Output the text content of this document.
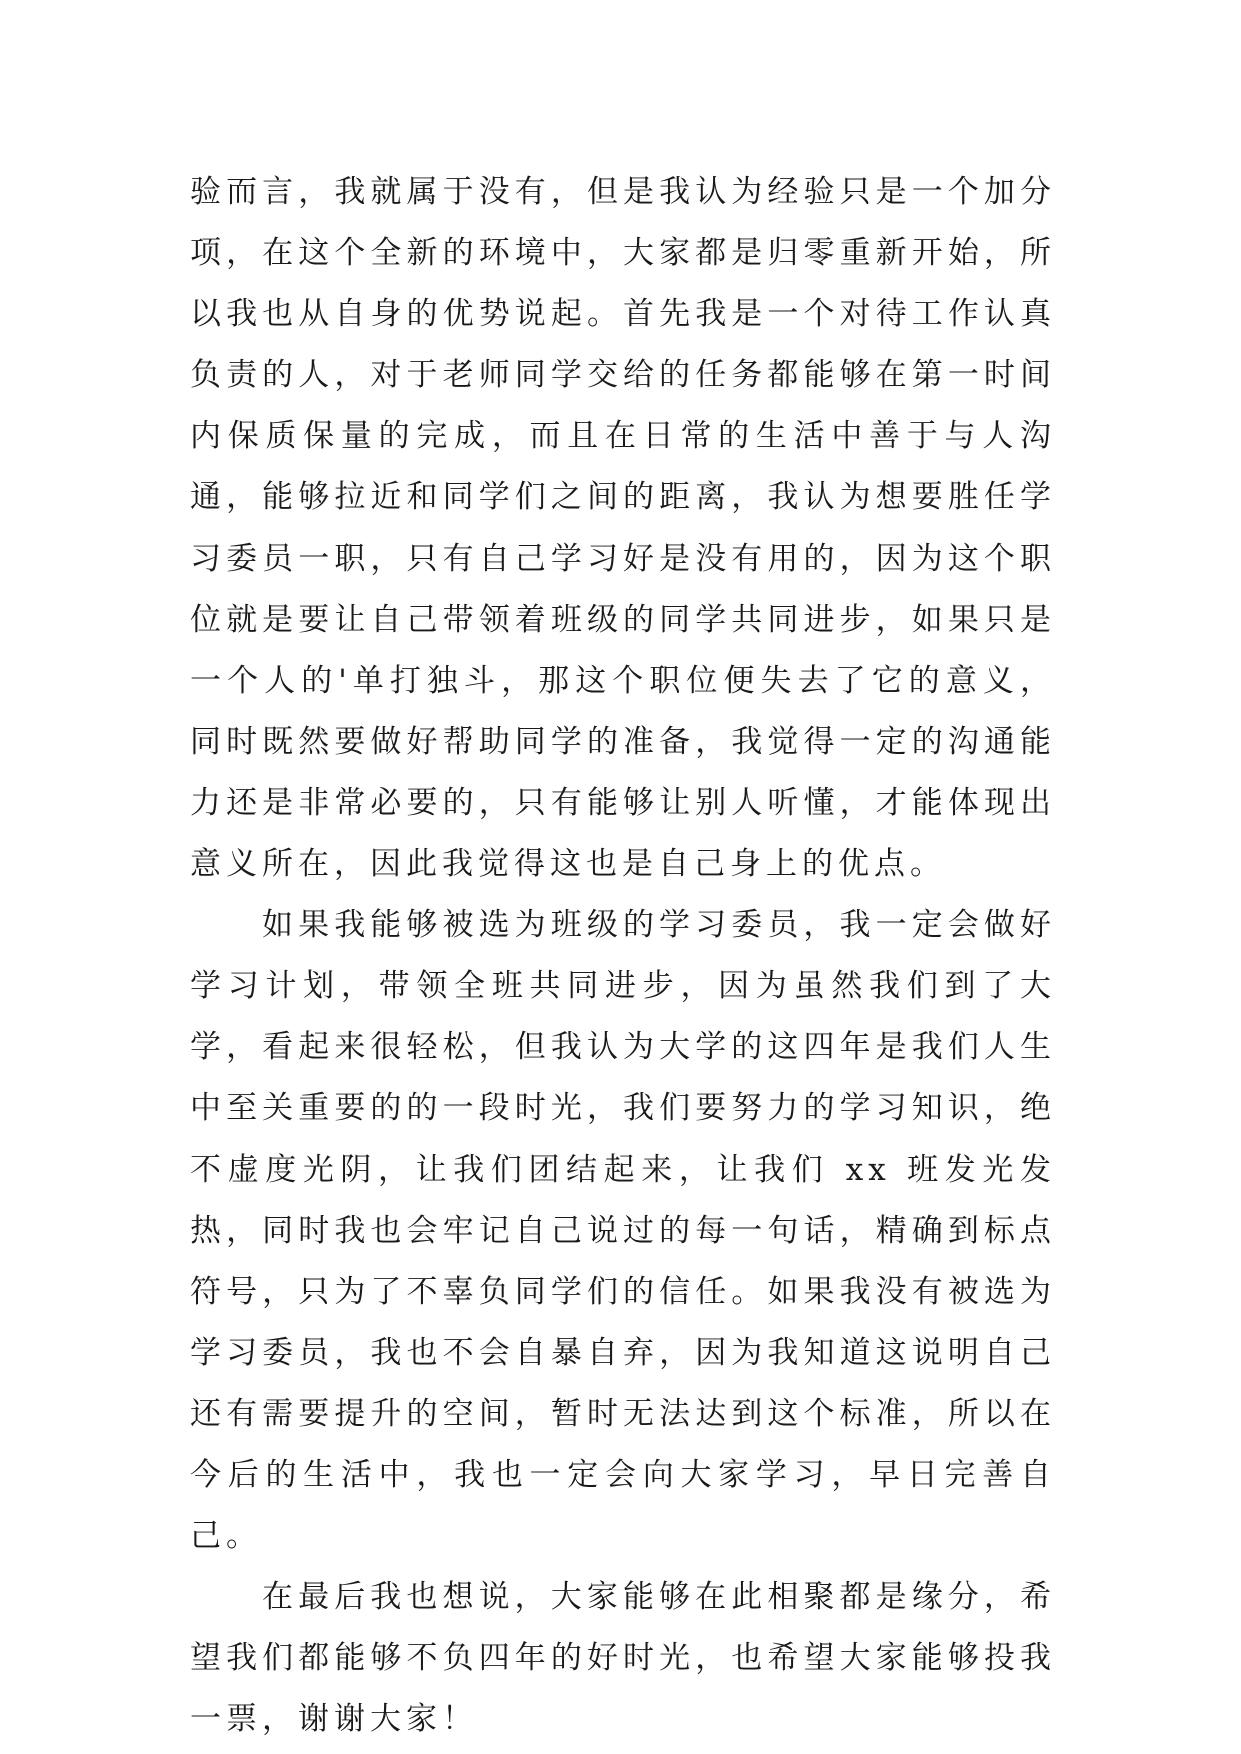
验而言，我就属于没有，但是我认为经验只是一个加分项，在这个全新的环境中，大家都是归零重新开始，所以我也从自身的优势说起。首先我是一个对待工作认真负责的人，对于老师同学交给的任务都能够在第一时间内保质保量的完成，而且在日常的生活中善于与人沟通，能够拉近和同学们之间的距离，我认为想要胜任学习委员一职，只有自己学习好是没有用的，因为这个职位就是要让自己带领着班级的同学共同进步，如果只是一个人的'单打独斗，那这个职位便失去了它的意义，同时既然要做好帮助同学的准备，我觉得一定的沟通能力还是非常必要的，只有能够让别人听懂，才能体现出意义所在，因此我觉得这也是自己身上的优点。

如果我能够被选为班级的学习委员，我一定会做好学习计划，带领全班共同进步，因为虽然我们到了大学，看起来很轻松，但我认为大学的这四年是我们人生中至关重要的的一段时光，我们要努力的学习知识，绝不虚度光阴，让我们团结起来，让我们 xx 班发光发热，同时我也会牢记自己说过的每一句话，精确到标点符号，只为了不辜负同学们的信任。如果我没有被选为学习委员，我也不会自暴自弃，因为我知道这说明自己还有需要提升的空间，暂时无法达到这个标准，所以在今后的生活中，我也一定会向大家学习，早日完善自己。

在最后我也想说，大家能够在此相聚都是缘分，希望我们都能够不负四年的好时光，也希望大家能够投我一票，谢谢大家！
